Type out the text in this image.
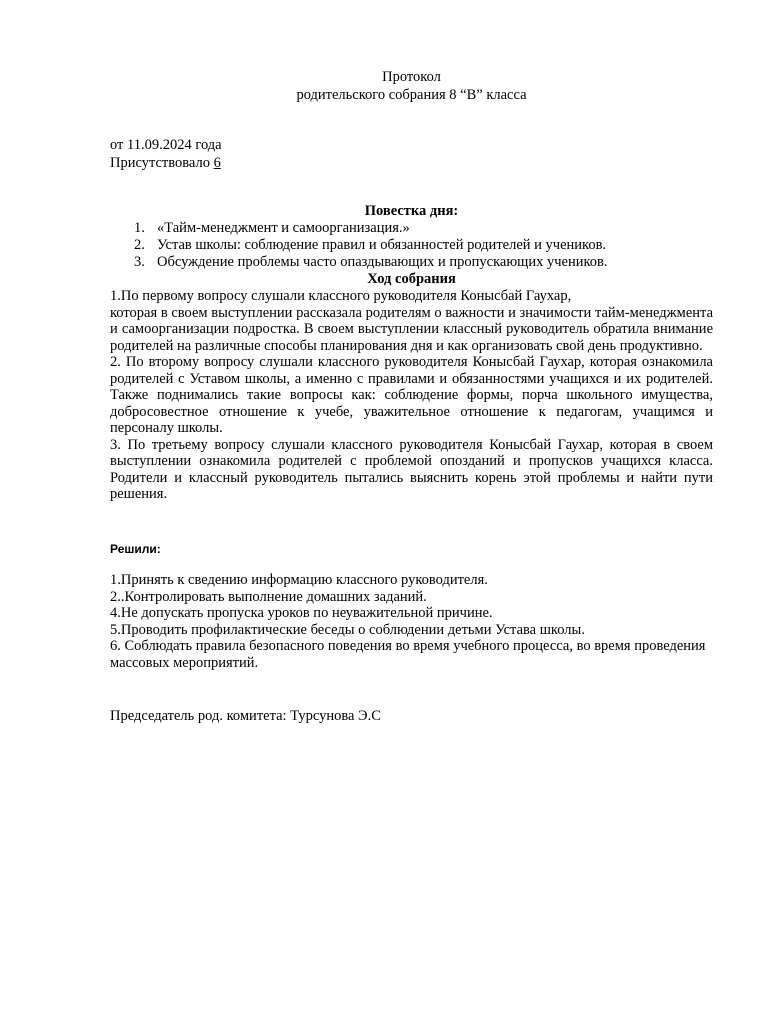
Протокол
родительского собрания 8 “В” класса
от 11.09.2024 года
Присутствовало 6
Повестка дня:
1. «Тайм-менеджмент и самоорганизация.»
2. Устав школы: соблюдение правил и обязанностей родителей и учеников.
3. Обсуждение проблемы часто опаздывающих и пропускающих учеников.
Ход собрания

1.По первому вопросу слушали классного руководителя Конысбай Гаухар,

которая в своем выступлении рассказала родителям о важности и значимости тайм-менеджмента и самоорганизации подростка. В своем выступлении классный руководитель обратила внимание родителей на различные способы планирования дня и как организовать свой день продуктивно.

2. По второму вопросу слушали классного руководителя Конысбай Гаухар, которая ознакомила родителей с Уставом школы, а именно с правилами и обязанностями учащихся и их родителей. Также поднимались такие вопросы как: соблюдение формы, порча школьного имущества, добросовестное отношение к учебе, уважительное отношение к педагогам, учащимся и персоналу школы.

3. По третьему вопросу слушали классного руководителя Конысбай Гаухар, которая в своем выступлении ознакомила родителей с проблемой опозданий и пропусков учащихся класса. Родители и классный руководитель пытались выяснить корень этой проблемы и найти пути решения.

Решили:

1.Принять к сведению информацию классного руководителя.

2..Контролировать выполнение домашних заданий.

4.Не допускать пропуска уроков по неуважительной причине.

5.Проводить профилактические беседы о соблюдении детьми Устава школы.

6. Соблюдать правила безопасного поведения во время учебного процесса, во время проведения массовых мероприятий.

Председатель род. комитета: Турсунова Э.С
